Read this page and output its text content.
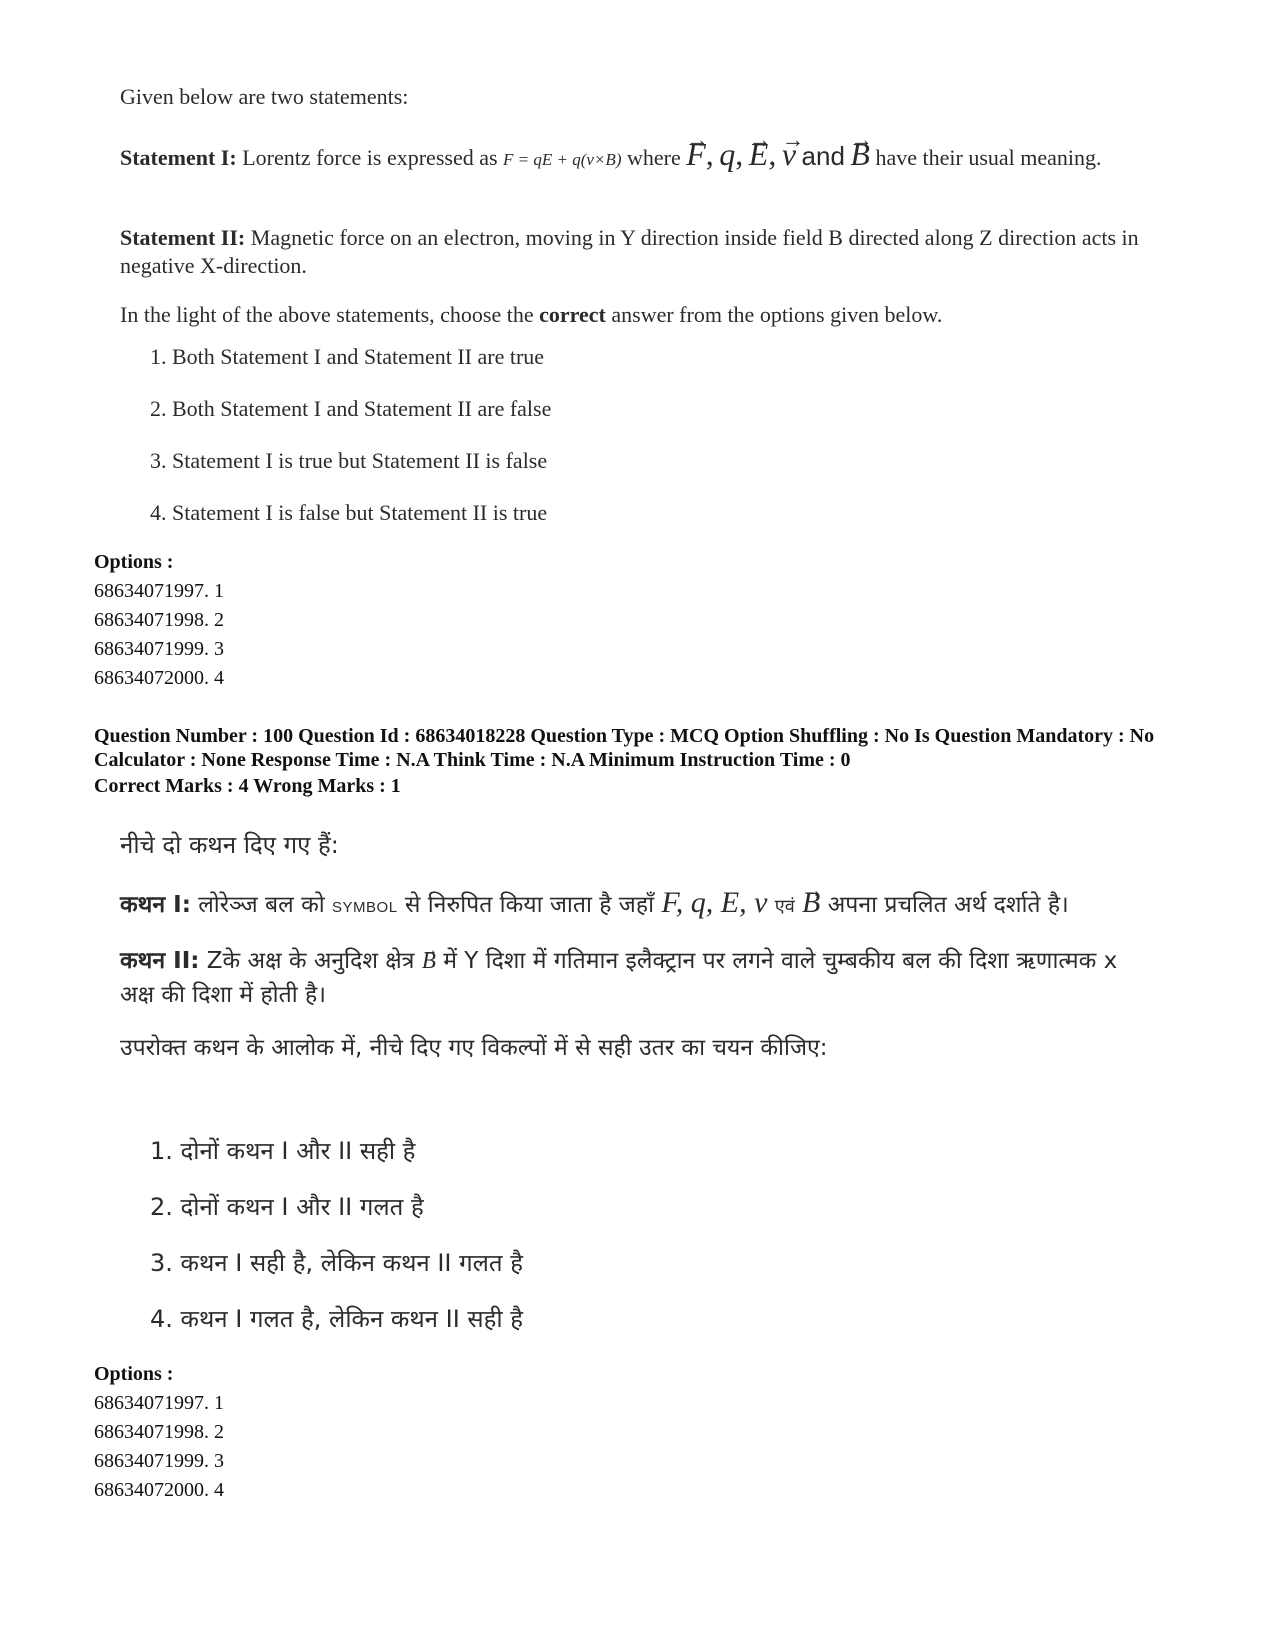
Given below are two statements:
Statement I: Lorentz force is expressed as F = qE + q(v×B) where → F, q, → E, → v and → B have their usual meaning.
Statement II: Magnetic force on an electron, moving in Y direction inside field B directed along Z direction acts in negative X-direction.
In the light of the above statements, choose the correct answer from the options given below.
1. Both Statement I and Statement II are true
2. Both Statement I and Statement II are false
3. Statement I is true but Statement II is false
4. Statement I is false but Statement II is true
Options :
68634071997. 1
68634071998. 2
68634071999. 3
68634072000. 4
Question Number : 100 Question Id : 68634018228 Question Type : MCQ Option Shuffling : No Is Question Mandatory : No Calculator : None Response Time : N.A Think Time : N.A Minimum Instruction Time : 0
Correct Marks : 4 Wrong Marks : 1
नीचे दो कथन दिए गए हैं:
कथन I: लोरेञ्ज बल को SYMBOL से निरुपित किया जाता है जहाँ F, q, E, v एवं → B अपना प्रचलित अर्थ दर्शाते है।
कथन II: Zके अक्ष के अनुदिश क्षेत्र → B में Y दिशा में गतिमान इलैक्ट्रान पर लगने वाले चुम्बकीय बल की दिशा ऋणात्मक x अक्ष की दिशा में होती है।
उपरोक्त कथन के आलोक में, नीचे दिए गए विकल्पों में से सही उतर का चयन कीजिए:
1. दोनों कथन I और II सही है
2. दोनों कथन I और II गलत है
3. कथन I सही है, लेकिन कथन II गलत है
4. कथन I गलत है, लेकिन कथन II सही है
Options :
68634071997. 1
68634071998. 2
68634071999. 3
68634072000. 4
